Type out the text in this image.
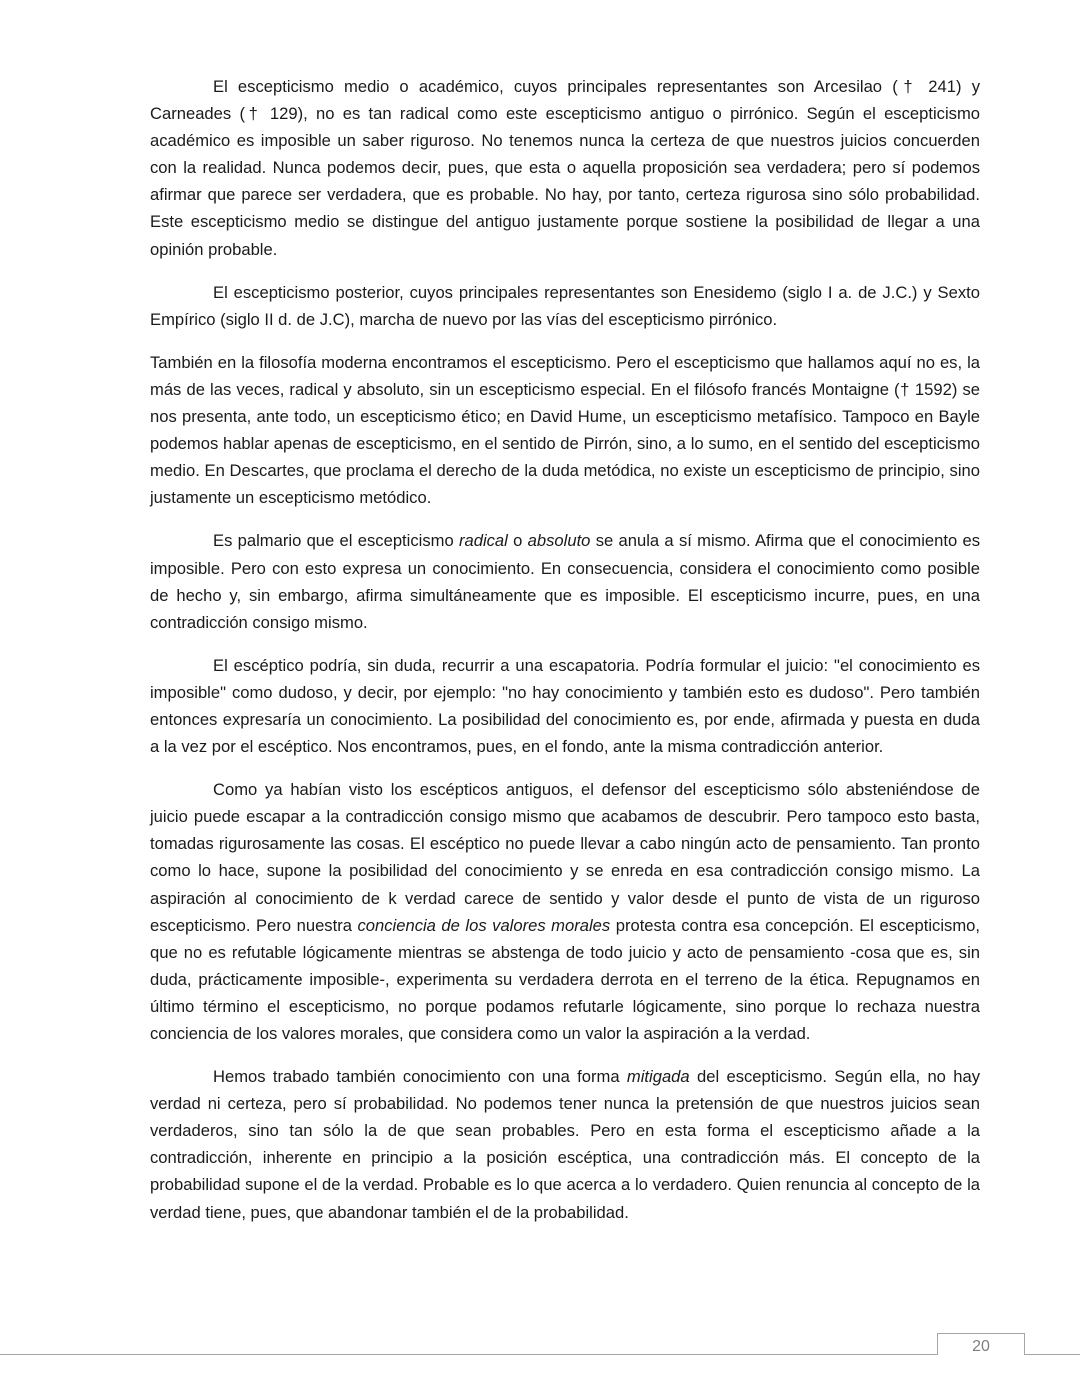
El escepticismo medio o académico, cuyos principales representantes son Arcesilao († 241) y Carneades († 129), no es tan radical como este escepticismo antiguo o pirrónico. Según el escepticismo académico es imposible un saber riguroso. No tenemos nunca la certeza de que nuestros juicios concuerden con la realidad. Nunca podemos decir, pues, que esta o aquella proposición sea verdadera; pero sí podemos afirmar que parece ser verdadera, que es probable. No hay, por tanto, certeza rigurosa sino sólo probabilidad. Este escepticismo medio se distingue del antiguo justamente porque sostiene la posibilidad de llegar a una opinión probable.

El escepticismo posterior, cuyos principales representantes son Enesidemo (siglo I a. de J.C.) y Sexto Empírico (siglo II d. de J.C), marcha de nuevo por las vías del escepticismo pirrónico.

También en la filosofía moderna encontramos el escepticismo. Pero el escepticismo que hallamos aquí no es, la más de las veces, radical y absoluto, sin un escepticismo especial. En el filósofo francés Montaigne († 1592) se nos presenta, ante todo, un escepticismo ético; en David Hume, un escepticismo metafísico. Tampoco en Bayle podemos hablar apenas de escepticismo, en el sentido de Pirrón, sino, a lo sumo, en el sentido del escepticismo medio. En Descartes, que proclama el derecho de la duda metódica, no existe un escepticismo de principio, sino justamente un escepticismo metódico.

Es palmario que el escepticismo radical o absoluto se anula a sí mismo. Afirma que el conocimiento es imposible. Pero con esto expresa un conocimiento. En consecuencia, considera el conocimiento como posible de hecho y, sin embargo, afirma simultáneamente que es imposible. El escepticismo incurre, pues, en una contradicción consigo mismo.

El escéptico podría, sin duda, recurrir a una escapatoria. Podría formular el juicio: "el conocimiento es imposible" como dudoso, y decir, por ejemplo: "no hay conocimiento y también esto es dudoso". Pero también entonces expresaría un conocimiento. La posibilidad del conocimiento es, por ende, afirmada y puesta en duda a la vez por el escéptico. Nos encontramos, pues, en el fondo, ante la misma contradicción anterior.

Como ya habían visto los escépticos antiguos, el defensor del escepticismo sólo absteniéndose de juicio puede escapar a la contradicción consigo mismo que acabamos de descubrir. Pero tampoco esto basta, tomadas rigurosamente las cosas. El escéptico no puede llevar a cabo ningún acto de pensamiento. Tan pronto como lo hace, supone la posibilidad del conocimiento y se enreda en esa contradicción consigo mismo. La aspiración al conocimiento de k verdad carece de sentido y valor desde el punto de vista de un riguroso escepticismo. Pero nuestra conciencia de los valores morales protesta contra esa concepción. El escepticismo, que no es refutable lógicamente mientras se abstenga de todo juicio y acto de pensamiento -cosa que es, sin duda, prácticamente imposible-, experimenta su verdadera derrota en el terreno de la ética. Repugnamos en último término el escepticismo, no porque podamos refutarle lógicamente, sino porque lo rechaza nuestra conciencia de los valores morales, que considera como un valor la aspiración a la verdad.

Hemos trabado también conocimiento con una forma mitigada del escepticismo. Según ella, no hay verdad ni certeza, pero sí probabilidad. No podemos tener nunca la pretensión de que nuestros juicios sean verdaderos, sino tan sólo la de que sean probables. Pero en esta forma el escepticismo añade a la contradicción, inherente en principio a la posición escéptica, una contradicción más. El concepto de la probabilidad supone el de la verdad. Probable es lo que acerca a lo verdadero. Quien renuncia al concepto de la verdad tiene, pues, que abandonar también el de la probabilidad.

20
